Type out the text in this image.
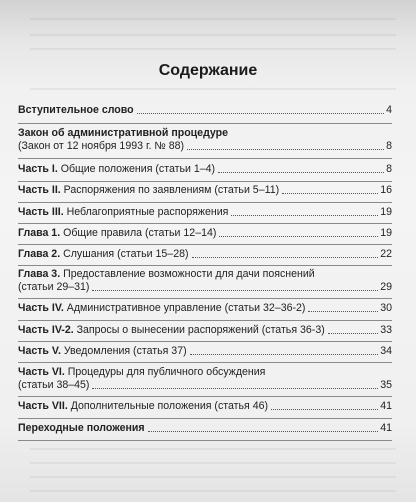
Содержание
Вступительное слово	4
Закон об административной процедуре
(Закон от 12 ноября 1993 г. № 88)	8
Часть I. Общие положения (статьи 1–4)	8
Часть II. Распоряжения по заявлениям (статьи 5–11)	16
Часть III. Неблагоприятные распоряжения	19
Глава 1. Общие правила (статьи 12–14)	19
Глава 2. Слушания (статьи 15–28)	22
Глава 3. Предоставление возможности для дачи пояснений
(статьи 29–31)	29
Часть IV. Административное управление (статьи 32–36-2)	30
Часть IV-2. Запросы о вынесении распоряжений (статья 36-3)	33
Часть V. Уведомления (статья 37)	34
Часть VI. Процедуры для публичного обсуждения
(статьи 38–45)	35
Часть VII. Дополнительные положения (статья 46)	41
Переходные положения	41
